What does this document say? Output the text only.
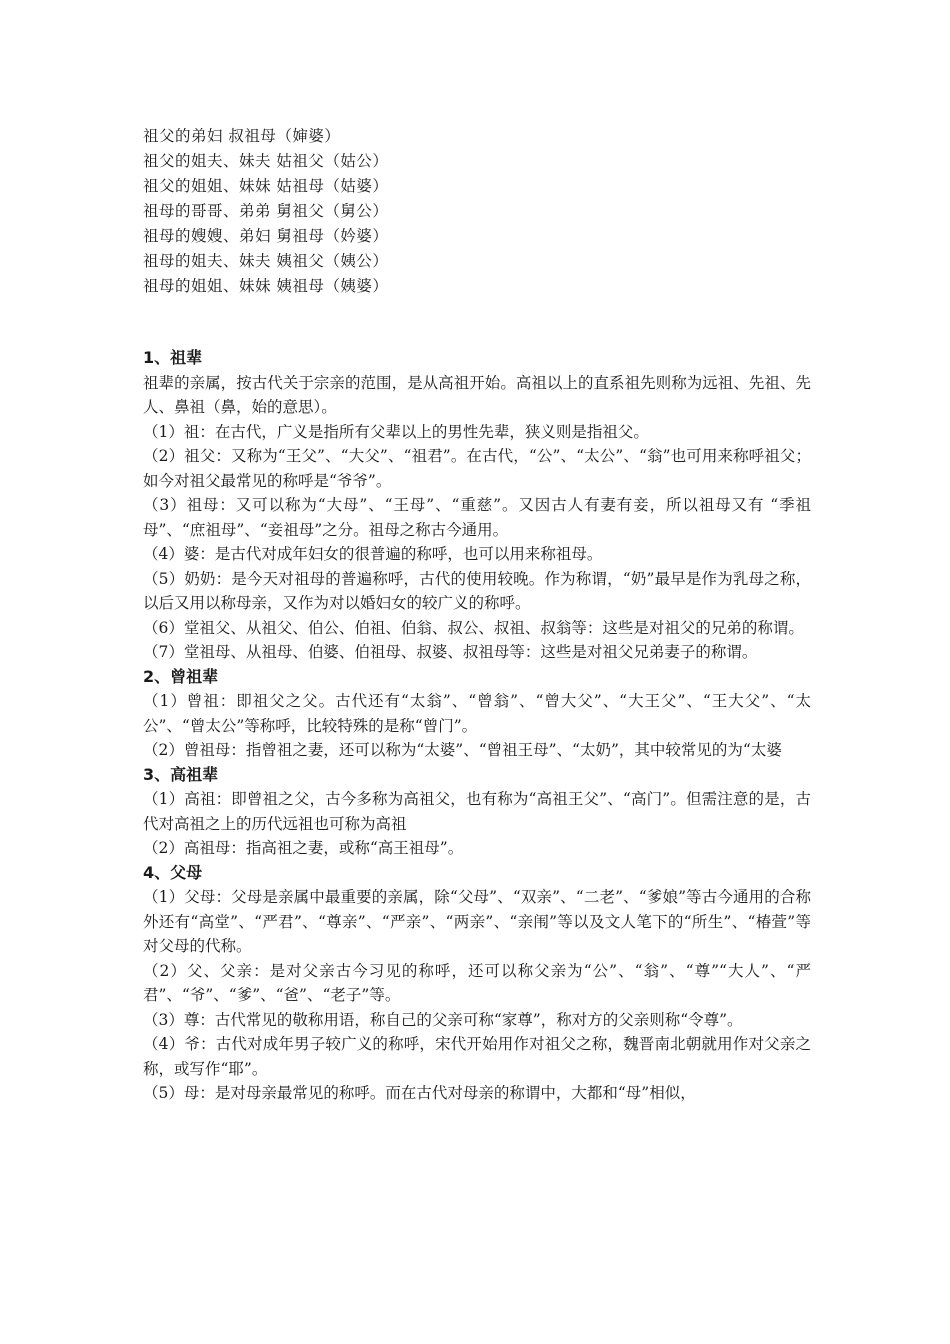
祖父的弟妇 叔祖母（婶婆）
祖父的姐夫、妹夫 姑祖父（姑公）
祖父的姐姐、妹妹 姑祖母（姑婆）
祖母的哥哥、弟弟 舅祖父（舅公）
祖母的嫂嫂、弟妇 舅祖母（妗婆）
祖母的姐夫、妹夫 姨祖父（姨公）
祖母的姐姐、妹妹 姨祖母（姨婆）
1、祖辈
祖辈的亲属，按古代关于宗亲的范围，是从高祖开始。高祖以上的直系祖先则称为远祖、先祖、先人、鼻祖（鼻，始的意思）。
（1）祖：在古代，广义是指所有父辈以上的男性先辈，狭义则是指祖父。
（2）祖父：又称为“王父”、“大父”、“祖君”。在古代，“公”、“太公”、“翁”也可用来称呼祖父；如今对祖父最常见的称呼是“爷爷”。
（3）祖母：又可以称为“大母”、“王母”、“重慈”。又因古人有妻有妾，所以祖母又有 “季祖母”、“庶祖母”、“妾祖母”之分。祖母之称古今通用。
（4）婆：是古代对成年妇女的很普遍的称呼，也可以用来称祖母。
（5）奶奶：是今天对祖母的普遍称呼，古代的使用较晚。作为称谓，“奶”最早是作为乳母之称，以后又用以称母亲，又作为对以婚妇女的较广义的称呼。
（6）堂祖父、从祖父、伯公、伯祖、伯翁、叔公、叔祖、叔翁等：这些是对祖父的兄弟的称谓。
（7）堂祖母、从祖母、伯婆、伯祖母、叔婆、叔祖母等：这些是对祖父兄弟妻子的称谓。
2、曾祖辈
（1）曾祖：即祖父之父。古代还有“太翁”、“曾翁”、“曾大父”、“大王父”、“王大父”、“太公”、“曾太公”等称呼，比较特殊的是称“曾门”。
（2）曾祖母：指曾祖之妻，还可以称为“太婆”、“曾祖王母”、“太奶”，其中较常见的为“太婆
3、高祖辈
（1）高祖：即曾祖之父，古今多称为高祖父，也有称为“高祖王父”、“高门”。但需注意的是，古代对高祖之上的历代远祖也可称为高祖
（2）高祖母：指高祖之妻，或称“高王祖母”。
4、父母
（1）父母：父母是亲属中最重要的亲属，除“父母”、“双亲”、“二老”、“爹娘”等古今通用的合称外还有“高堂”、“严君”、“尊亲”、“严亲”、“两亲”、“亲闱”等以及文人笔下的“所生”、“椿萱”等对父母的代称。
（2）父、父亲：是对父亲古今习见的称呼，还可以称父亲为“公”、“翁”、“尊”“大人”、“严君”、“爷”、“爹”、“爸”、“老子”等。
（3）尊：古代常见的敬称用语，称自己的父亲可称“家尊”，称对方的父亲则称“令尊”。
（4）爷：古代对成年男子较广义的称呼，宋代开始用作对祖父之称，魏晋南北朝就用作对父亲之称，或写作“耶”。
（5）母：是对母亲最常见的称呼。而在古代对母亲的称谓中，大都和“母”相似，
